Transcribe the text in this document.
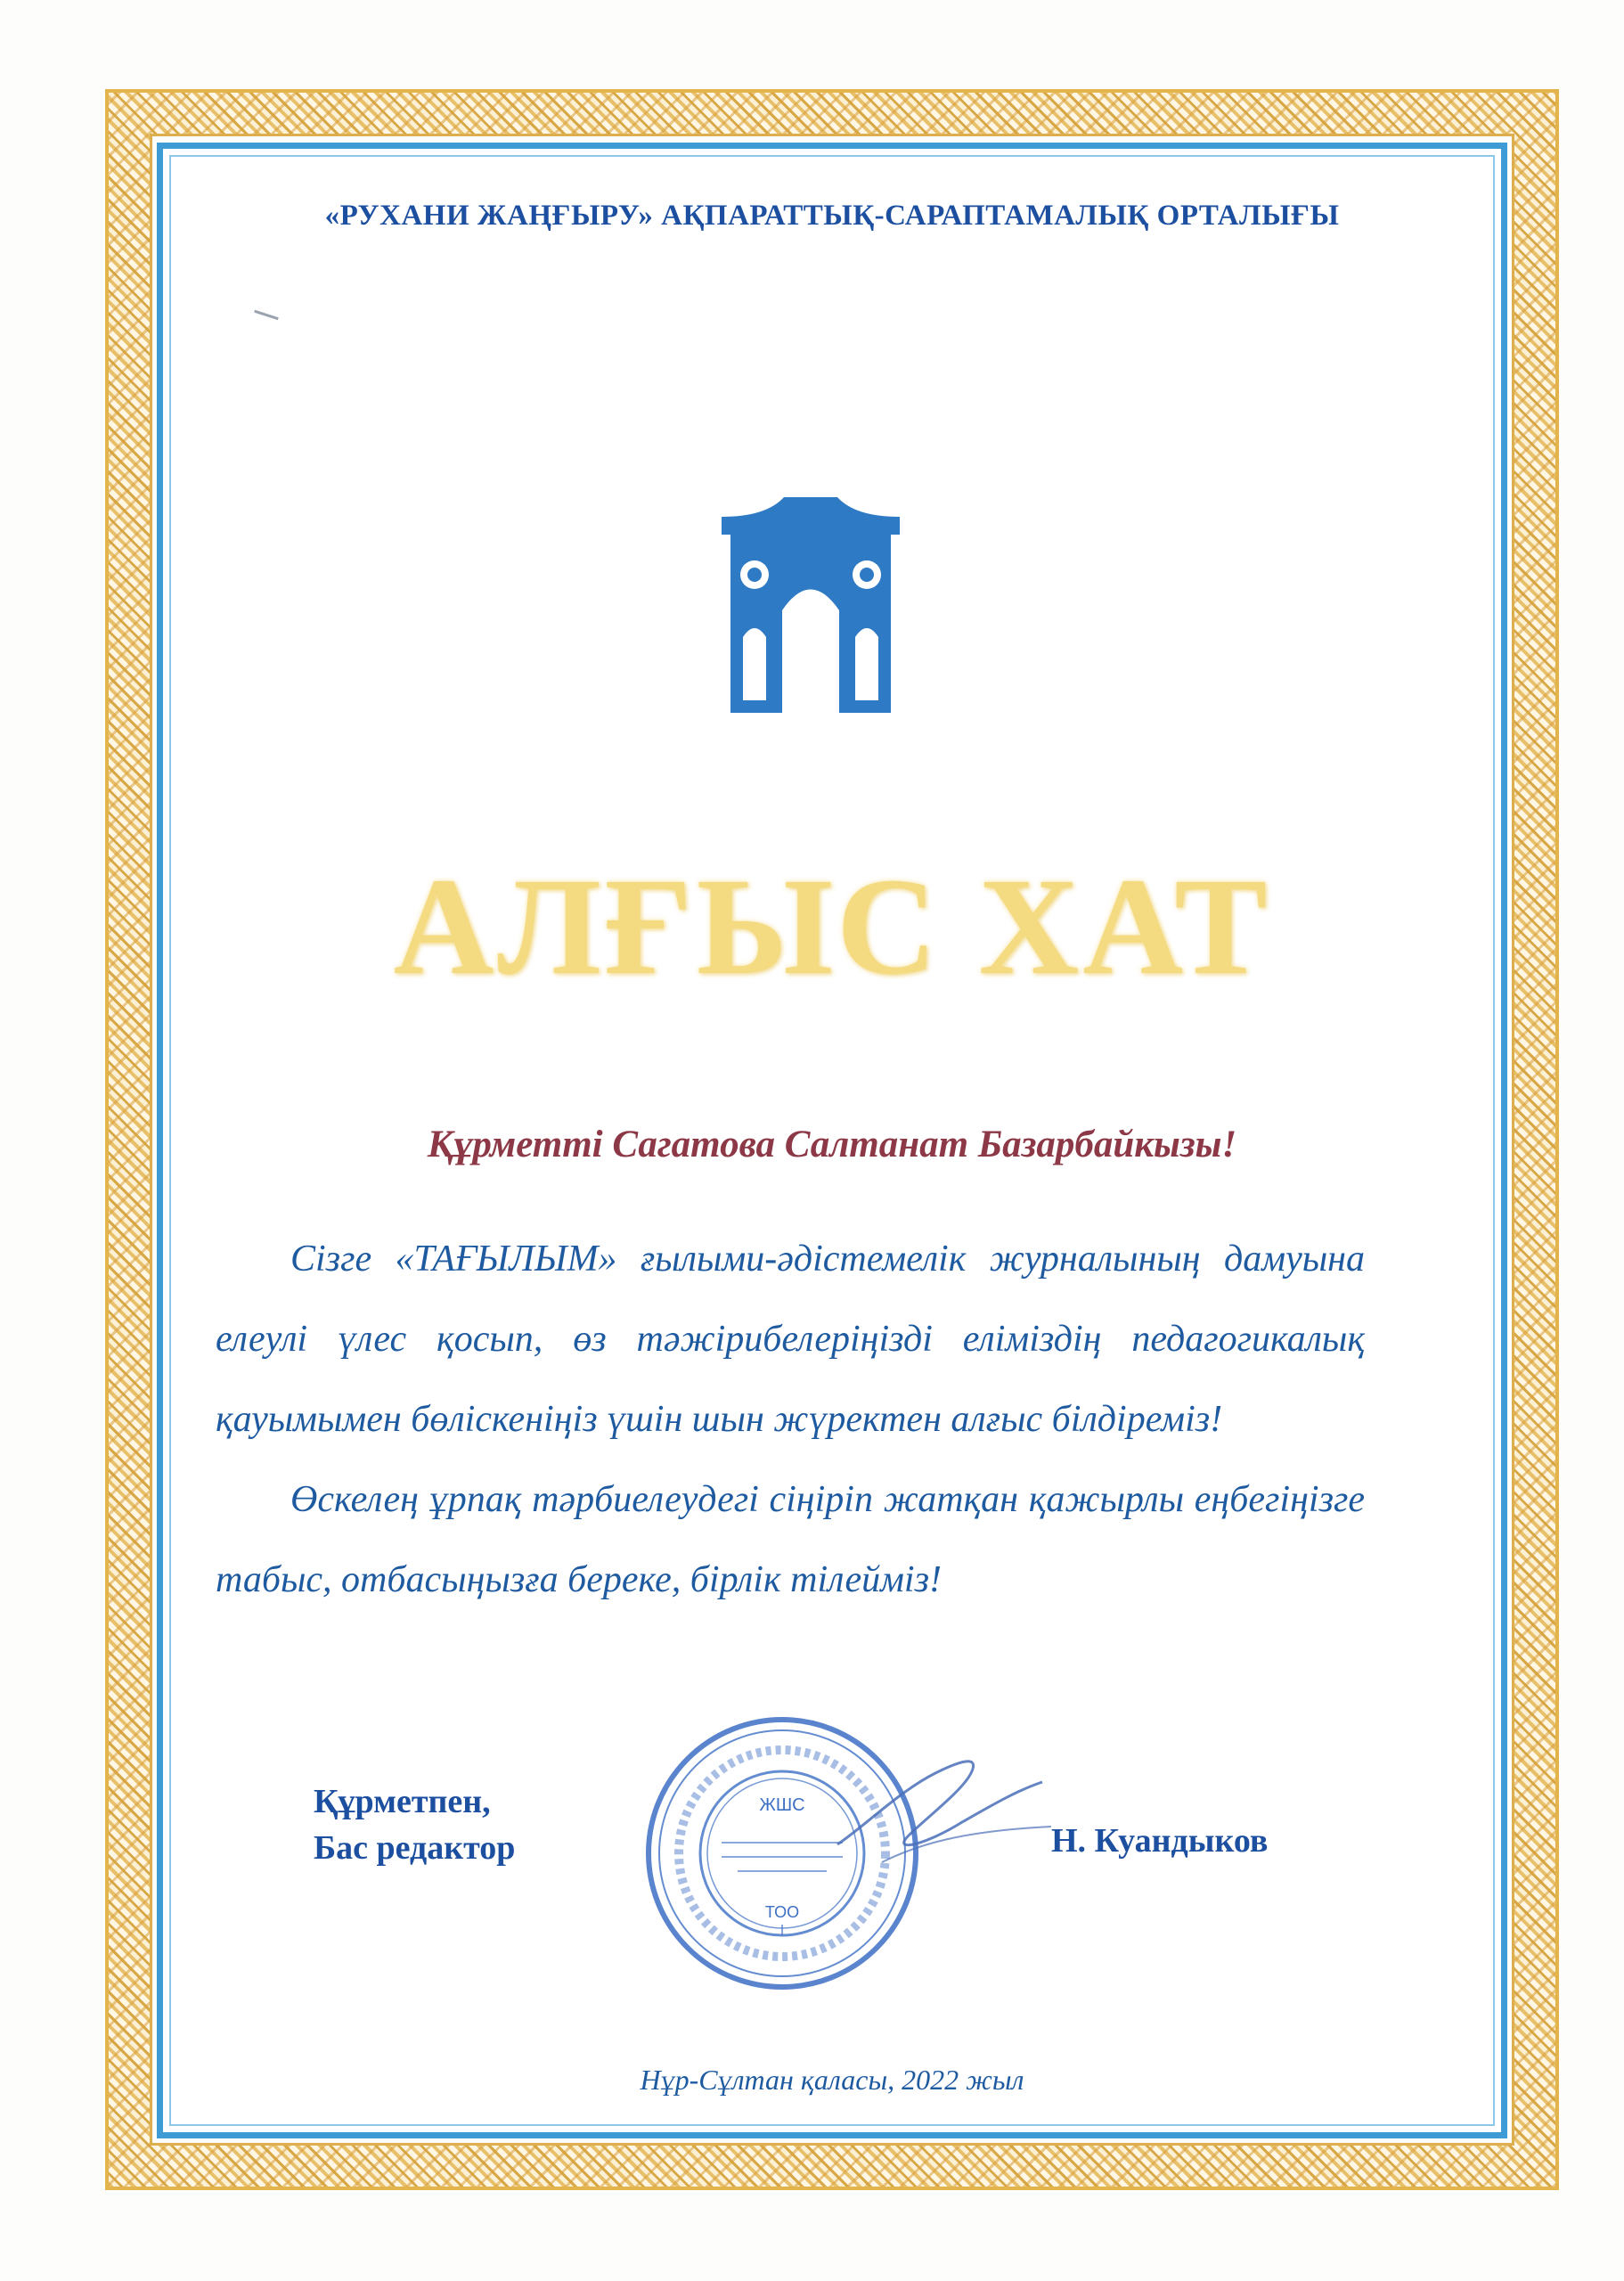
«РУХАНИ ЖАҢҒЫРУ» АҚПАРАТТЫҚ-САРАПТАМАЛЫҚ ОРТАЛЫҒЫ
АЛҒЫС ХАТ
Құрметті Сагатова Салтанат Базарбайкызы!

Сізге «ТАҒЫЛЫМ» ғылыми-әдістемелік журналының дамуына елеулі үлес қосып, өз тәжірибелеріңізді еліміздің педагогикалық қауымымен бөліскеніңіз үшін шын жүректен алғыс білдіреміз!

Өскелең ұрпақ тәрбиелеудегі сіңіріп жатқан қажырлы еңбегіңізге табыс, отбасыңызға береке, бірлік тілейміз!

Құрметпен,
Бас редактор
ЖШС
ТОО
Н. Куандыков
Нұр-Сұлтан қаласы, 2022 жыл
